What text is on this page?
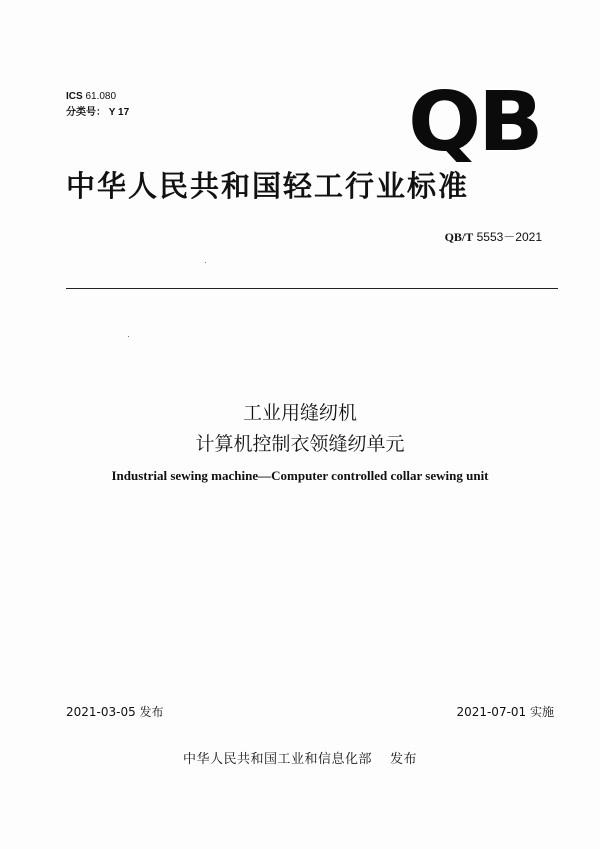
ICS 61.080
分类号： Y 17	QB
中华人民共和国轻工行业标准
QB/T 5553－2021
工业用缝纫机
计算机控制衣领缝纫单元
Industrial sewing machine—Computer controlled collar sewing unit
2021-03-05 发布	2021-07-01 实施
中华人民共和国工业和信息化部 发布
